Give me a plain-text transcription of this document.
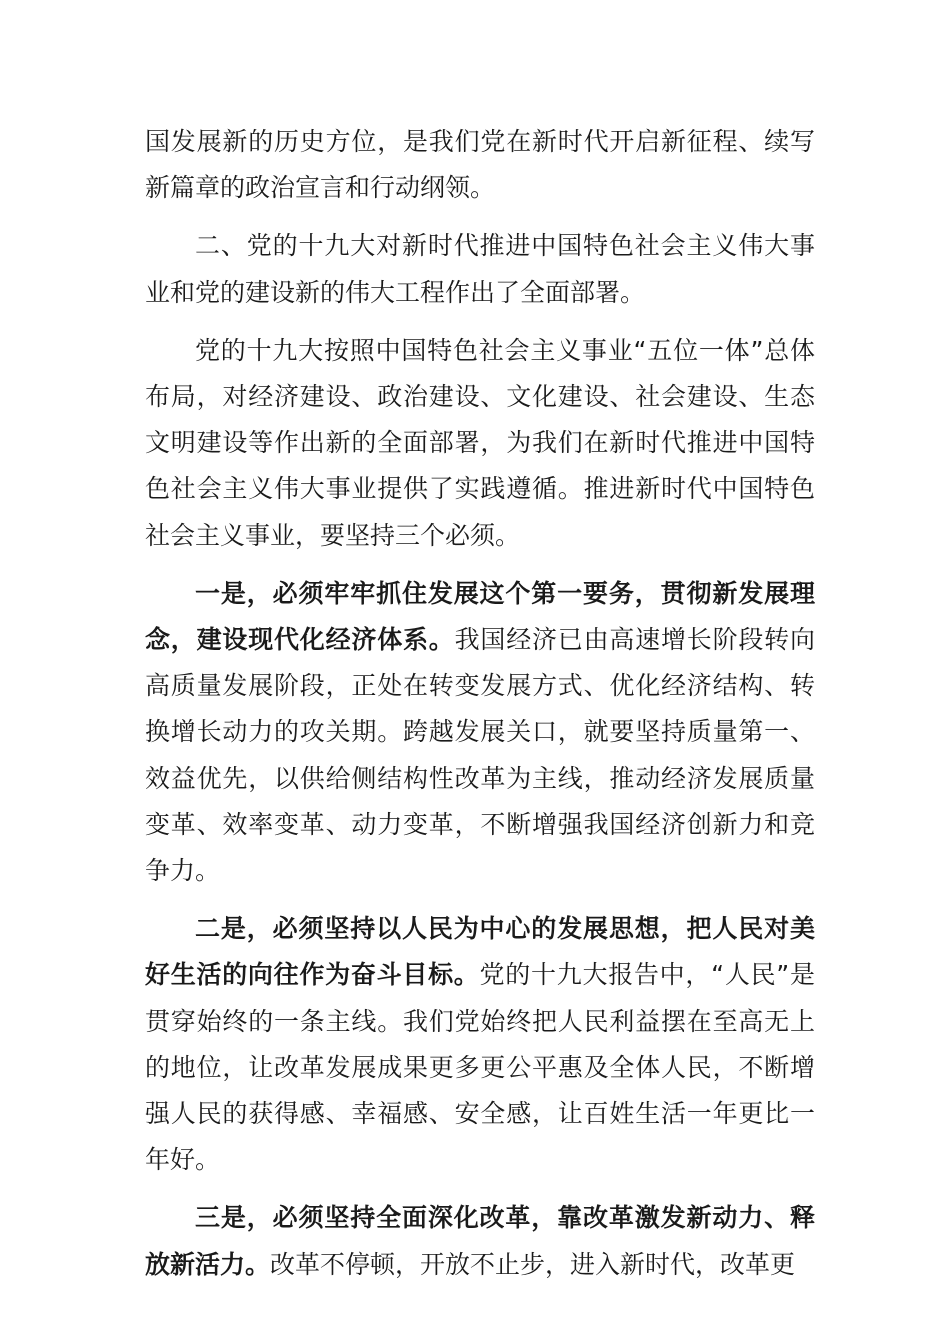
国发展新的历史方位，是我们党在新时代开启新征程、续写新篇章的政治宣言和行动纲领。

二、党的十九大对新时代推进中国特色社会主义伟大事业和党的建设新的伟大工程作出了全面部署。

党的十九大按照中国特色社会主义事业“五位一体”总体布局，对经济建设、政治建设、文化建设、社会建设、生态文明建设等作出新的全面部署，为我们在新时代推进中国特色社会主义伟大事业提供了实践遵循。推进新时代中国特色社会主义事业，要坚持三个必须。

一是，必须牢牢抓住发展这个第一要务，贯彻新发展理念，建设现代化经济体系。我国经济已由高速增长阶段转向高质量发展阶段，正处在转变发展方式、优化经济结构、转换增长动力的攻关期。跨越发展关口，就要坚持质量第一、 效益优先，以供给侧结构性改革为主线，推动经济发展质量变革、效率变革、动力变革，不断增强我国经济创新力和竞争力。

二是，必须坚持以人民为中心的发展思想，把人民对美 好生活的向往作为奋斗目标。党的十九大报告中，“人民”是贯穿始终的一条主线。我们党始终把人民利益摆在至高无上的地位，让改革发展成果更多更公平惠及全体人民，不断增强人民的获得感、幸福感、安全感，让百姓生活一年更比一年好。

三是，必须坚持全面深化改革，靠改革激发新动力、释放新活力。改革不停顿，开放不止步，进入新时代，改革更
